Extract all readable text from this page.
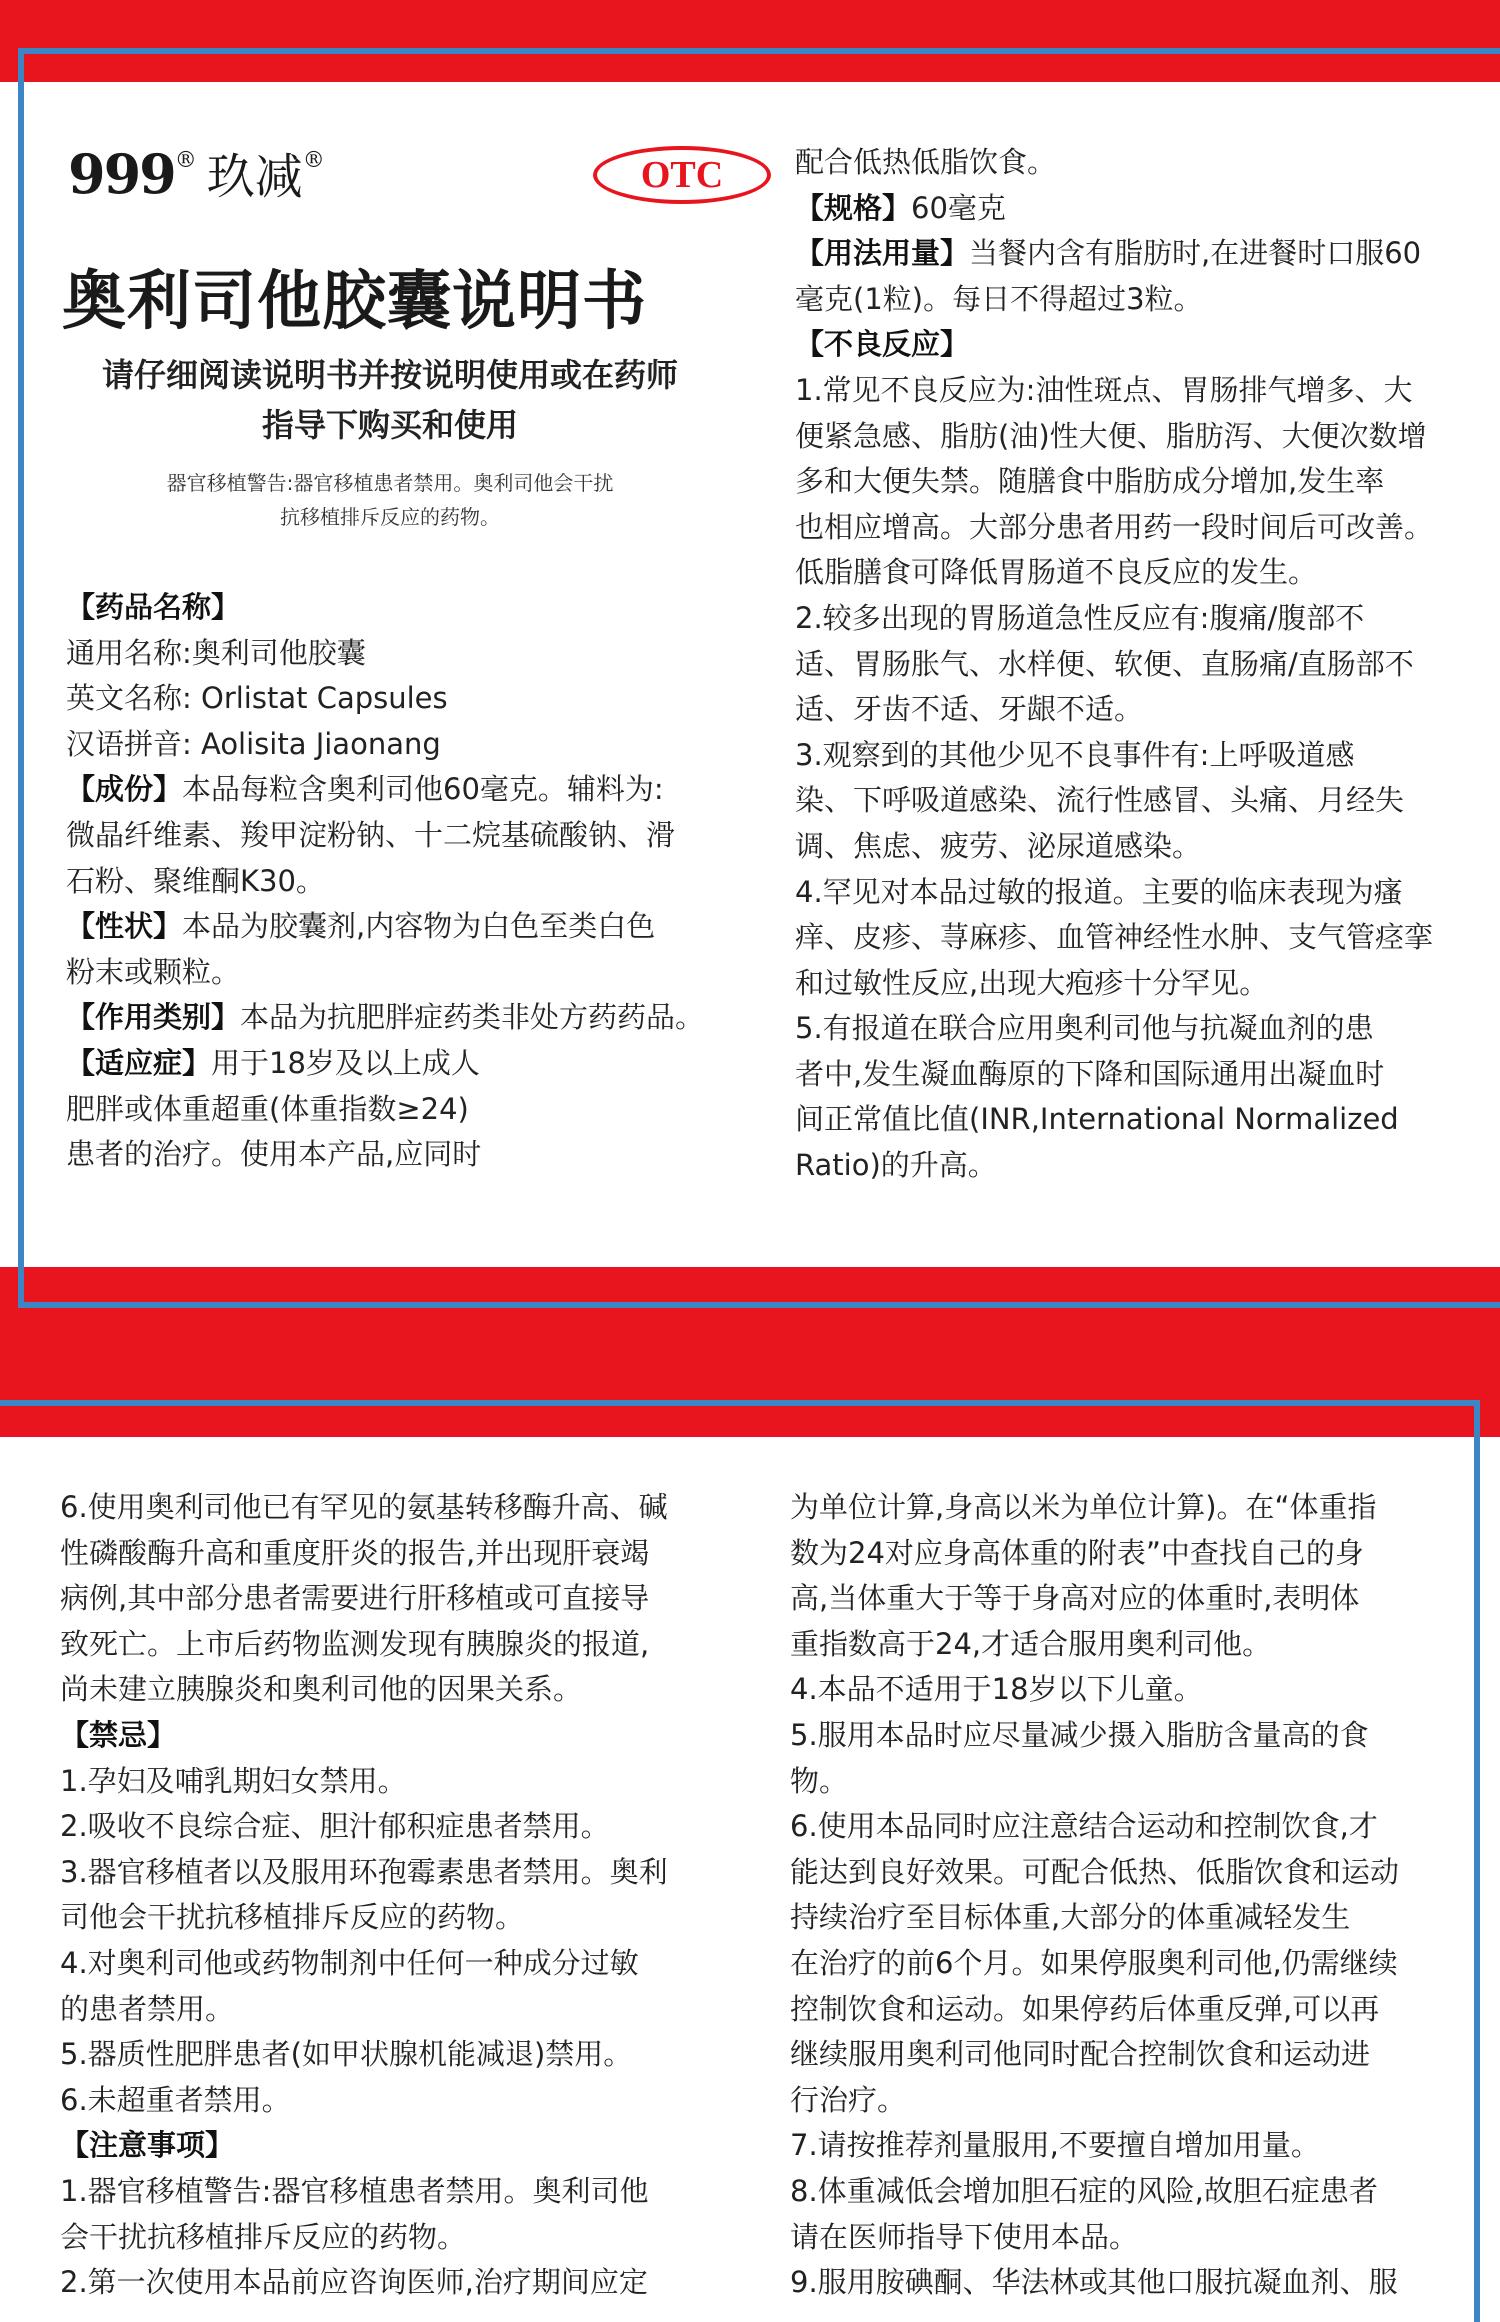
999® 玖减®	OTC
奥利司他胶囊说明书
请仔细阅读说明书并按说明使用或在药师
指导下购买和使用
器官移植警告:器官移植患者禁用。奥利司他会干扰
抗移植排斥反应的药物。

【药品名称】

通用名称:奥利司他胶囊

英文名称: Orlistat Capsules

汉语拼音: Aolisita Jiaonang

【成份】本品每粒含奥利司他60毫克。辅料为:

微晶纤维素、羧甲淀粉钠、十二烷基硫酸钠、滑

石粉、聚维酮K30。

【性状】本品为胶囊剂,内容物为白色至类白色

粉末或颗粒。

【作用类别】本品为抗肥胖症药类非处方药药品。

【适应症】用于18岁及以上成人

肥胖或体重超重(体重指数≥24)

患者的治疗。使用本产品,应同时

配合低热低脂饮食。

【规格】60毫克

【用法用量】当餐内含有脂肪时,在进餐时口服60

毫克(1粒)。每日不得超过3粒。

【不良反应】

1.常见不良反应为:油性斑点、胃肠排气增多、大

便紧急感、脂肪(油)性大便、脂肪泻、大便次数增

多和大便失禁。随膳食中脂肪成分增加,发生率

也相应增高。大部分患者用药一段时间后可改善。

低脂膳食可降低胃肠道不良反应的发生。

2.较多出现的胃肠道急性反应有:腹痛/腹部不

适、胃肠胀气、水样便、软便、直肠痛/直肠部不

适、牙齿不适、牙龈不适。

3.观察到的其他少见不良事件有:上呼吸道感

染、下呼吸道感染、流行性感冒、头痛、月经失

调、焦虑、疲劳、泌尿道感染。

4.罕见对本品过敏的报道。主要的临床表现为瘙

痒、皮疹、荨麻疹、血管神经性水肿、支气管痉挛

和过敏性反应,出现大疱疹十分罕见。

5.有报道在联合应用奥利司他与抗凝血剂的患

者中,发生凝血酶原的下降和国际通用出凝血时

间正常值比值(INR,International Normalized

Ratio)的升高。

6.使用奥利司他已有罕见的氨基转移酶升高、碱

性磷酸酶升高和重度肝炎的报告,并出现肝衰竭

病例,其中部分患者需要进行肝移植或可直接导

致死亡。上市后药物监测发现有胰腺炎的报道,

尚未建立胰腺炎和奥利司他的因果关系。

【禁忌】

1.孕妇及哺乳期妇女禁用。

2.吸收不良综合症、胆汁郁积症患者禁用。

3.器官移植者以及服用环孢霉素患者禁用。奥利

司他会干扰抗移植排斥反应的药物。

4.对奥利司他或药物制剂中任何一种成分过敏

的患者禁用。

5.器质性肥胖患者(如甲状腺机能减退)禁用。

6.未超重者禁用。

【注意事项】

1.器官移植警告:器官移植患者禁用。奥利司他

会干扰抗移植排斥反应的药物。

2.第一次使用本品前应咨询医师,治疗期间应定

为单位计算,身高以米为单位计算)。在“体重指

数为24对应身高体重的附表”中查找自己的身

高,当体重大于等于身高对应的体重时,表明体

重指数高于24,才适合服用奥利司他。

4.本品不适用于18岁以下儿童。

5.服用本品时应尽量减少摄入脂肪含量高的食

物。

6.使用本品同时应注意结合运动和控制饮食,才

能达到良好效果。可配合低热、低脂饮食和运动

持续治疗至目标体重,大部分的体重减轻发生

在治疗的前6个月。如果停服奥利司他,仍需继续

控制饮食和运动。如果停药后体重反弹,可以再

继续服用奥利司他同时配合控制饮食和运动进

行治疗。

7.请按推荐剂量服用,不要擅自增加用量。

8.体重减低会增加胆石症的风险,故胆石症患者

请在医师指导下使用本品。

9.服用胺碘酮、华法林或其他口服抗凝血剂、服
